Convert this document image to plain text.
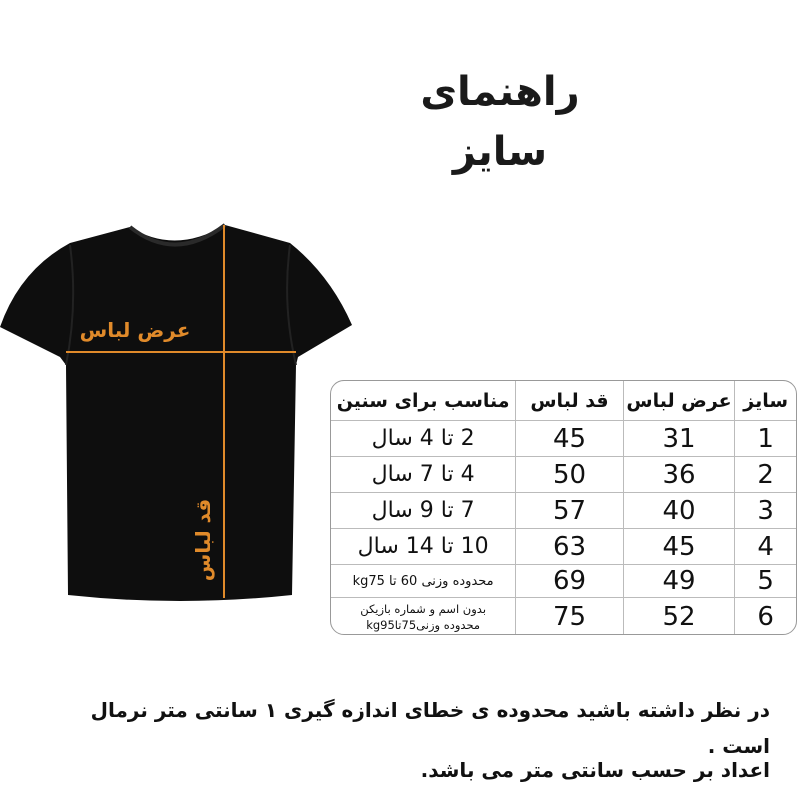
راهنمای سایز
عرض لباس
قد لباس
سایز
عرض لباس
قد لباس
مناسب برای سنین
1
31
45
2 تا 4 سال
2
36
50
4 تا 7 سال
3
40
57
7 تا 9 سال
4
45
63
10 تا 14 سال
5
49
69
محدوده وزنی 60 تا kg75
6
52
75
بدون اسم و شماره بازیکن
محدوده وزنی75تاkg95
در نظر داشته باشید محدوده ی خطای اندازه گیری ۱ سانتی متر نرمال است .
اعداد بر حسب سانتی متر می باشد.
